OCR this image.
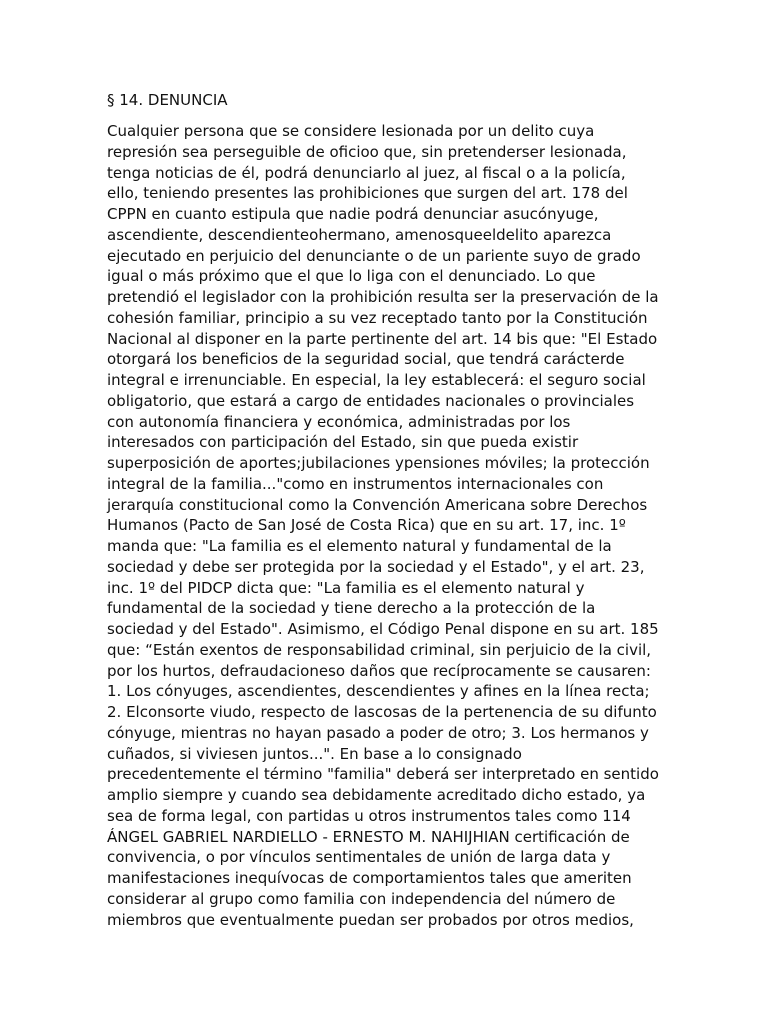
§ 14. DENUNCIA
Cualquier persona que se considere lesionada por un delito cuya
represión sea perseguible de oficioo que, sin pretenderser lesionada,
tenga noticias de él, podrá denunciarlo al juez, al fiscal o a la policía,
ello, teniendo presentes las prohibiciones que surgen del art. 178 del
CPPN en cuanto estipula que nadie podrá denunciar asucónyuge,
ascendiente, descendienteohermano, amenosqueeldelito aparezca
ejecutado en perjuicio del denunciante o de un pariente suyo de grado
igual o más próximo que el que lo liga con el denunciado. Lo que
pretendió el legislador con la prohibición resulta ser la preservación de la
cohesión familiar, principio a su vez receptado tanto por la Constitución
Nacional al disponer en la parte pertinente del art. 14 bis que: "El Estado
otorgará los beneficios de la seguridad social, que tendrá carácterde
integral e irrenunciable. En especial, la ley establecerá: el seguro social
obligatorio, que estará a cargo de entidades nacionales o provinciales
con autonomía financiera y económica, administradas por los
interesados con participación del Estado, sin que pueda existir
superposición de aportes;jubilaciones ypensiones móviles; la protección
integral de la familia..."como en instrumentos internacionales con
jerarquía constitucional como la Convención Americana sobre Derechos
Humanos (Pacto de San José de Costa Rica) que en su art. 17, inc. 1º
manda que: "La familia es el elemento natural y fundamental de la
sociedad y debe ser protegida por la sociedad y el Estado", y el art. 23,
inc. 1º del PIDCP dicta que: "La familia es el elemento natural y
fundamental de la sociedad y tiene derecho a la protección de la
sociedad y del Estado". Asimismo, el Código Penal dispone en su art. 185
que: “Están exentos de responsabilidad criminal, sin perjuicio de la civil,
por los hurtos, defraudacioneso daños que recíprocamente se causaren:
1. Los cónyuges, ascendientes, descendientes y afines en la línea recta;
2. Elconsorte viudo, respecto de lascosas de la pertenencia de su difunto
cónyuge, mientras no hayan pasado a poder de otro; 3. Los hermanos y
cuñados, si viviesen juntos...". En base a lo consignado
precedentemente el término "familia" deberá ser interpretado en sentido
amplio siempre y cuando sea debidamente acreditado dicho estado, ya
sea de forma legal, con partidas u otros instrumentos tales como 114
ÁNGEL GABRIEL NARDIELLO - ERNESTO M. NAHIJHIAN certificación de
convivencia, o por vínculos sentimentales de unión de larga data y
manifestaciones inequívocas de comportamientos tales que ameriten
considerar al grupo como familia con independencia del número de
miembros que eventualmente puedan ser probados por otros medios,
